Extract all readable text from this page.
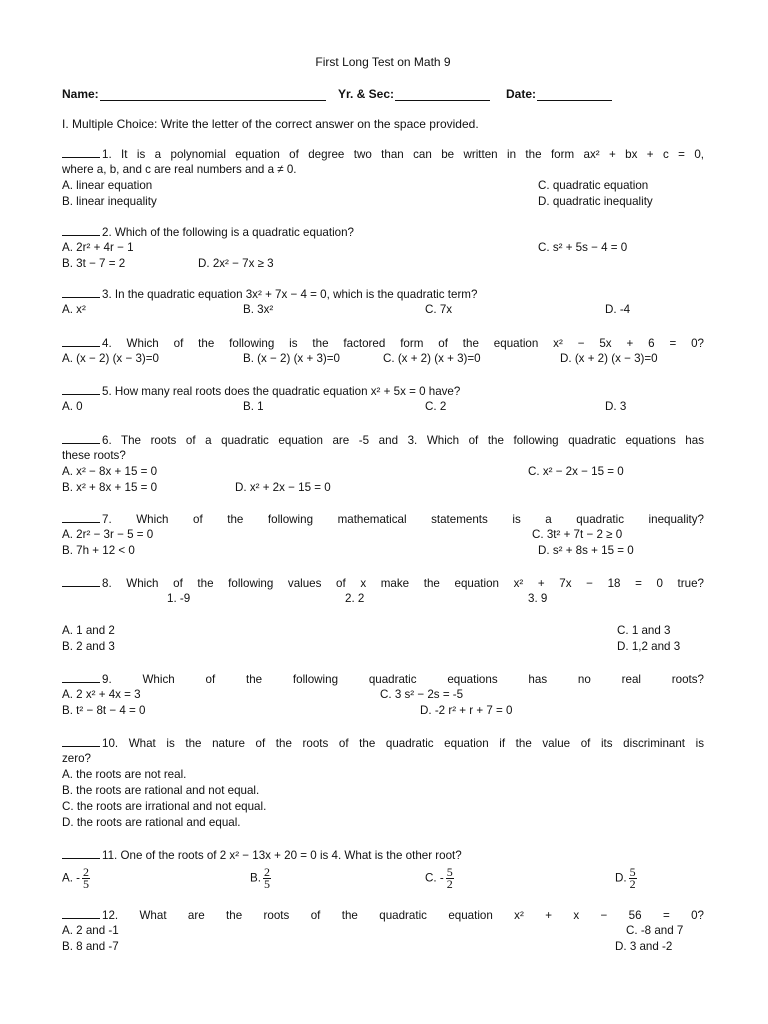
First Long Test on Math 9
Name:	Yr. & Sec:	Date:
I. Multiple Choice: Write the letter of the correct answer on the space provided.
1. It is a polynomial equation of degree two than can be written in the form ax² + bx + c = 0,
where a, b, and c are real numbers and a ≠ 0.
A. linear equation	C. quadratic equation
B. linear inequality	D. quadratic inequality
2. Which of the following is a quadratic equation?
A. 2r² + 4r − 1	C. s² + 5s − 4 = 0
B. 3t − 7 = 2	D. 2x² − 7x ≥ 3
3. In the quadratic equation 3x² + 7x − 4 = 0, which is the quadratic term?
A. x²	B. 3x²	C. 7x	D. -4
4. Which of the following is the factored form of the equation x² − 5x + 6 = 0?
A. (x − 2) (x − 3)=0	B. (x − 2) (x + 3)=0	C. (x + 2) (x + 3)=0	D. (x + 2) (x − 3)=0
5. How many real roots does the quadratic equation x² + 5x = 0 have?
A. 0	B. 1	C. 2	D. 3
6. The roots of a quadratic equation are -5 and 3. Which of the following quadratic equations has
these roots?
A. x² − 8x + 15 = 0	C. x² − 2x − 15 = 0
B. x² + 8x + 15 = 0	D. x² + 2x − 15 = 0
7. Which of the following mathematical statements is a quadratic inequality?
A. 2r² − 3r − 5 = 0	C. 3t² + 7t − 2 ≥ 0
B. 7h + 12 < 0	D. s² + 8s + 15 = 0
8. Which of the following values of x make the equation x² + 7x − 18 = 0 true?
1. -9	2. 2	3. 9
A. 1 and 2	C. 1 and 3
B. 2 and 3	D. 1,2 and 3
9. Which of the following quadratic equations has no real roots?
A. 2 x² + 4x = 3	C. 3 s² − 2s = -5
B. t² − 8t − 4 = 0	D. -2 r² + r + 7 = 0
10. What is the nature of the roots of the quadratic equation if the value of its discriminant is
zero?
A. the roots are not real.
B. the roots are rational and not equal.
C. the roots are irrational and not equal.
D. the roots are rational and equal.
11. One of the roots of 2 x² − 13x + 20 = 0 is 4. What is the other root?
A. - $\frac{2}{5}$	B. $\frac{2}{5}$	C. - $\frac{5}{2}$	D. $\frac{5}{2}$
12. What are the roots of the quadratic equation x² + x − 56 = 0?
A. 2 and -1	C. -8 and 7
B. 8 and -7	D. 3 and -2
